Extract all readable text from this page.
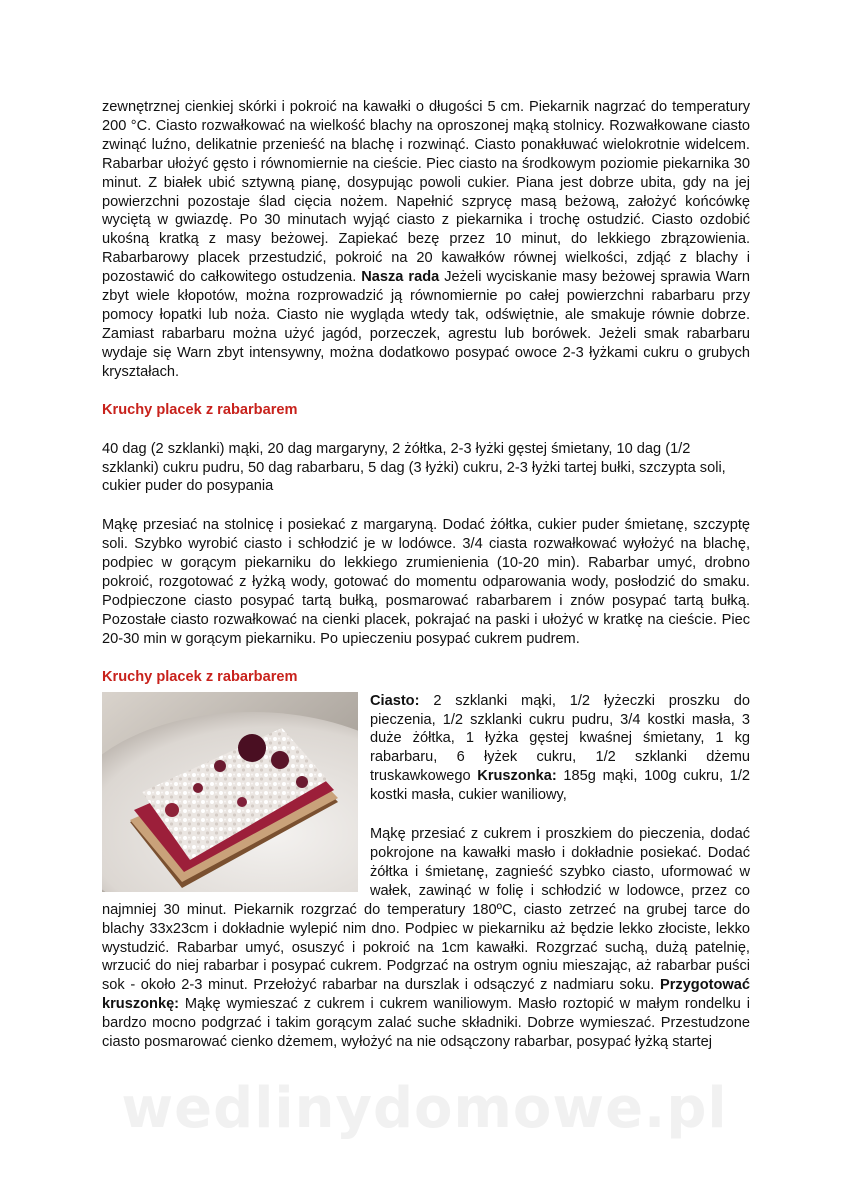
zewnętrznej cienkiej skórki i pokroić na kawałki o długości 5 cm. Piekarnik nagrzać do temperatury 200 °C. Ciasto rozwałkować na wielkość blachy na oproszonej mąką stolnicy. Rozwałkowane ciasto zwinąć luźno, delikatnie przenieść na blachę i rozwinąć. Ciasto ponakłuwać wielokrotnie widelcem. Rabarbar ułożyć gęsto i równomiernie na cieście. Piec ciasto na środkowym poziomie piekarnika 30 minut. Z białek ubić sztywną pianę, dosypując powoli cukier. Piana jest dobrze ubita, gdy na jej powierzchni pozostaje ślad cięcia nożem. Napełnić szprycę masą beżową, założyć końcówkę wyciętą w gwiazdę. Po 30 minutach wyjąć ciasto z piekarnika i trochę ostudzić. Ciasto ozdobić ukośną kratką z masy beżowej. Zapiekać bezę przez 10 minut, do lekkiego zbrązowienia. Rabarbarowy placek przestudzić, pokroić na 20 kawałków równej wielkości, zdjąć z blachy i pozostawić do całkowitego ostudzenia. Nasza rada Jeżeli wyciskanie masy beżowej sprawia Warn zbyt wiele kłopotów, można rozprowadzić ją równomiernie po całej powierzchni rabarbaru przy pomocy łopatki lub noża. Ciasto nie wygląda wtedy tak, odświętnie, ale smakuje równie dobrze. Zamiast rabarbaru można użyć jagód, porzeczek, agrestu lub borówek. Jeżeli smak rabarbaru wydaje się Warn zbyt intensywny, można dodatkowo posypać owoce 2-3 łyżkami cukru o grubych kryształach.

Kruchy placek z rabarbarem

40 dag (2 szklanki) mąki, 20 dag margaryny, 2 żółtka, 2-3 łyżki gęstej śmietany, 10 dag (1/2 szklanki) cukru pudru, 50 dag rabarbaru, 5 dag (3 łyżki) cukru, 2-3 łyżki tartej bułki, szczypta soli, cukier puder do posypania

Mąkę przesiać na stolnicę i posiekać z margaryną. Dodać żółtka, cukier puder śmietanę, szczyptę soli. Szybko wyrobić ciasto i schłodzić je w lodówce. 3/4 ciasta rozwałkować wyłożyć na blachę, podpiec w gorącym piekarniku do lekkiego zrumienienia (10-20 min). Rabarbar umyć, drobno pokroić, rozgotować z łyżką wody, gotować do momentu odparowania wody, posłodzić do smaku. Podpieczone ciasto posypać tartą bułką, posmarować rabarbarem i znów posypać tartą bułką. Pozostałe ciasto rozwałkować na cienki placek, pokrajać na paski i ułożyć w kratkę na cieście. Piec 20-30 min w gorącym piekarniku. Po upieczeniu posypać cukrem pudrem.

Kruchy placek z rabarbarem

Ciasto: 2 szklanki mąki, 1/2 łyżeczki proszku do pieczenia, 1/2 szklanki cukru pudru, 3/4 kostki masła, 3 duże żółtka, 1 łyżka gęstej kwaśnej śmietany, 1 kg rabarbaru, 6 łyżek cukru, 1/2 szklanki dżemu truskawkowego Kruszonka: 185g mąki, 100g cukru, 1/2 kostki masła, cukier waniliowy,

Mąkę przesiać z cukrem i proszkiem do pieczenia, dodać pokrojone na kawałki masło i dokładnie posiekać. Dodać żółtka i śmietanę, zagnieść szybko ciasto, uformować w wałek, zawinąć w folię i schłodzić w lodowce, przez co najmniej 30 minut. Piekarnik rozgrzać do temperatury 180ºC, ciasto zetrzeć na grubej tarce do blachy 33x23cm i dokładnie wylepić nim dno. Podpiec w piekarniku aż będzie lekko złociste, lekko wystudzić. Rabarbar umyć, osuszyć i pokroić na 1cm kawałki. Rozgrzać suchą, dużą patelnię, wrzucić do niej rabarbar i posypać cukrem. Podgrzać na ostrym ogniu mieszając, aż rabarbar puści sok - około 2-3 minut. Przełożyć rabarbar na durszlak i odsączyć z nadmiaru soku. Przygotować kruszonkę: Mąkę wymieszać z cukrem i cukrem waniliowym. Masło roztopić w małym rondelku i bardzo mocno podgrzać i takim gorącym zalać suche składniki. Dobrze wymieszać. Przestudzone ciasto posmarować cienko dżemem, wyłożyć na nie odsączony rabarbar, posypać łyżką startej

wedlinydomowe.pl
